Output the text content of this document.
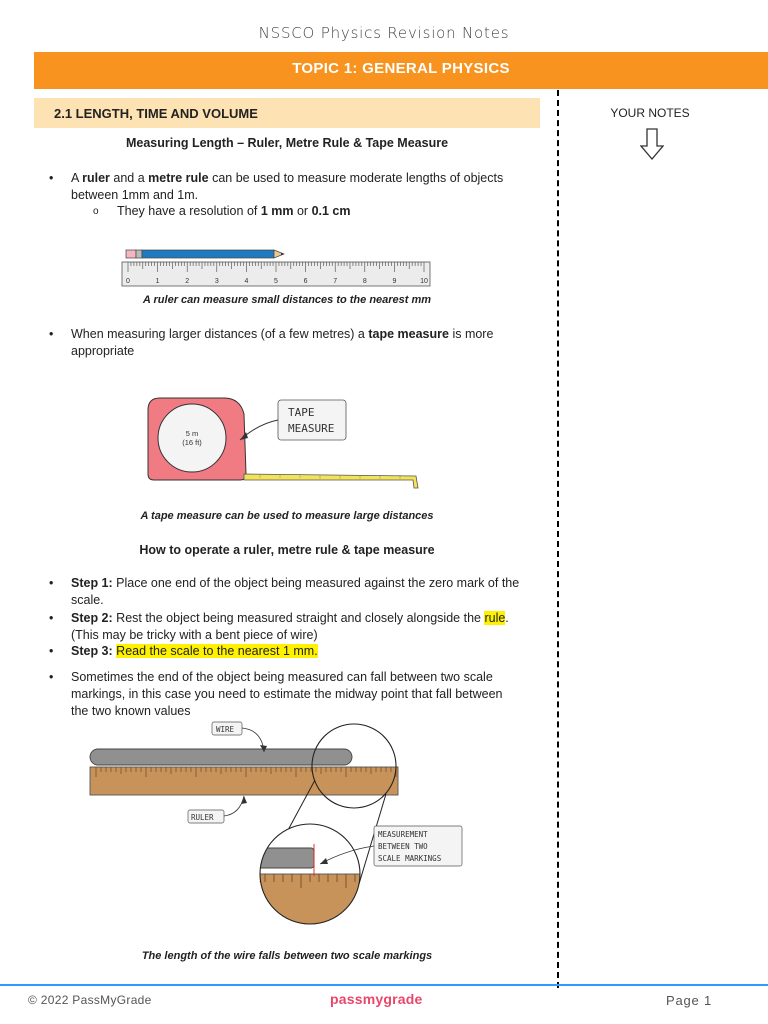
NSSCO Physics Revision Notes
TOPIC 1: GENERAL PHYSICS
2.1 LENGTH, TIME AND VOLUME	YOUR NOTES
Measuring Length – Ruler, Metre Rule & Tape Measure
• A ruler and a metre rule can be used to measure moderate lengths of objects between 1mm and 1m.
o They have a resolution of 1 mm or 0.1 cm
0	1	2	3	4	5	6	7	8	9	10
A ruler can measure small distances to the nearest mm
• When measuring larger distances (of a few metres) a tape measure is more appropriate
5 m
(16 ft)
TAPE
MEASURE
A tape measure can be used to measure large distances
How to operate a ruler, metre rule & tape measure
• Step 1: Place one end of the object being measured against the zero mark of the scale.
• Step 2: Rest the object being measured straight and closely alongside the rule. (This may be tricky with a bent piece of wire)
• Step 3: Read the scale to the nearest 1 mm.
• Sometimes the end of the object being measured can fall between two scale markings, in this case you need to estimate the midway point that fall between the two known values
WIRE
RULER
MEASUREMENT
BETWEEN TWO
SCALE MARKINGS
The length of the wire falls between two scale markings
© 2022 PassMyGrade	passmygrade	Page 1
